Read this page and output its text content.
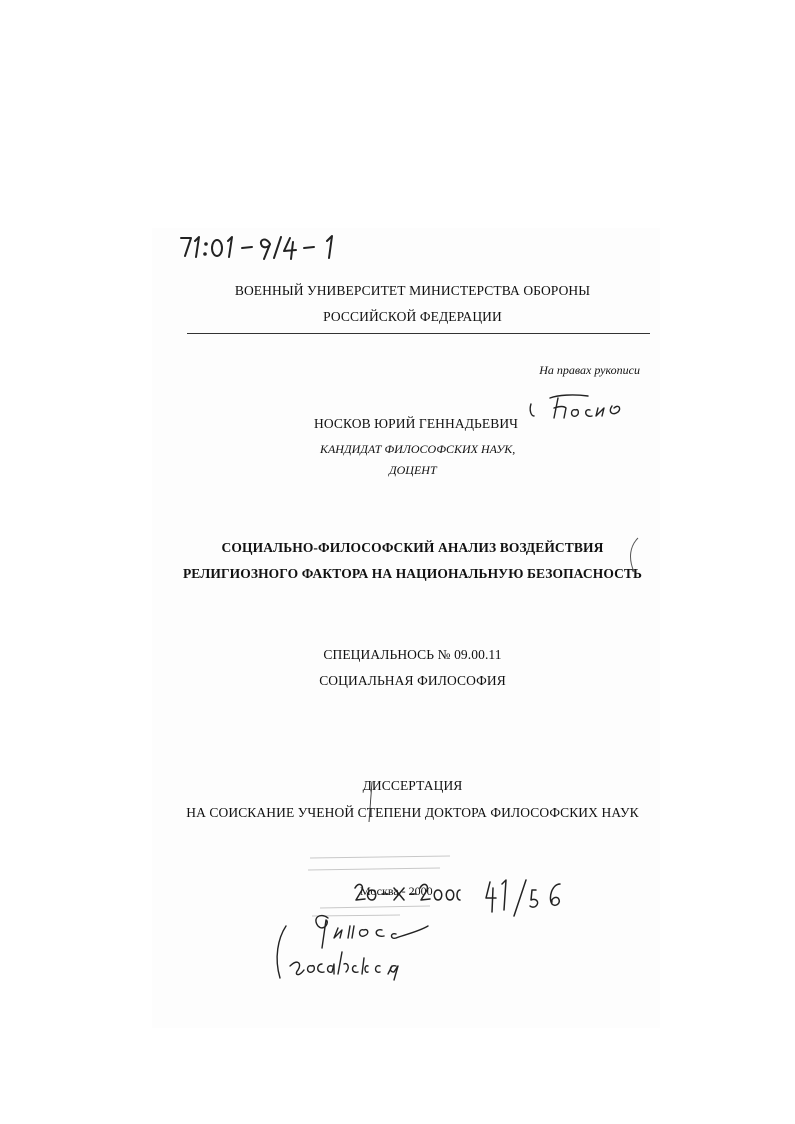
ВОЕННЫЙ УНИВЕРСИТЕТ МИНИСТЕРСТВА ОБОРОНЫ
РОССИЙСКОЙ ФЕДЕРАЦИИ
На правах рукописи
НОСКОВ ЮРИЙ ГЕННАДЬЕВИЧ
КАНДИДАТ ФИЛОСОФСКИХ НАУК,
ДОЦЕНТ
СОЦИАЛЬНО-ФИЛОСОФСКИЙ АНАЛИЗ ВОЗДЕЙСТВИЯ
РЕЛИГИОЗНОГО ФАКТОРА НА НАЦИОНАЛЬНУЮ БЕЗОПАСНОСТЬ
СПЕЦИАЛЬНОСЬ № 09.00.11
СОЦИАЛЬНАЯ ФИЛОСОФИЯ
ДИССЕРТАЦИЯ
НА СОИСКАНИЕ УЧЕНОЙ СТЕПЕНИ ДОКТОРА ФИЛОСОФСКИХ НАУК
Москва - 2000
